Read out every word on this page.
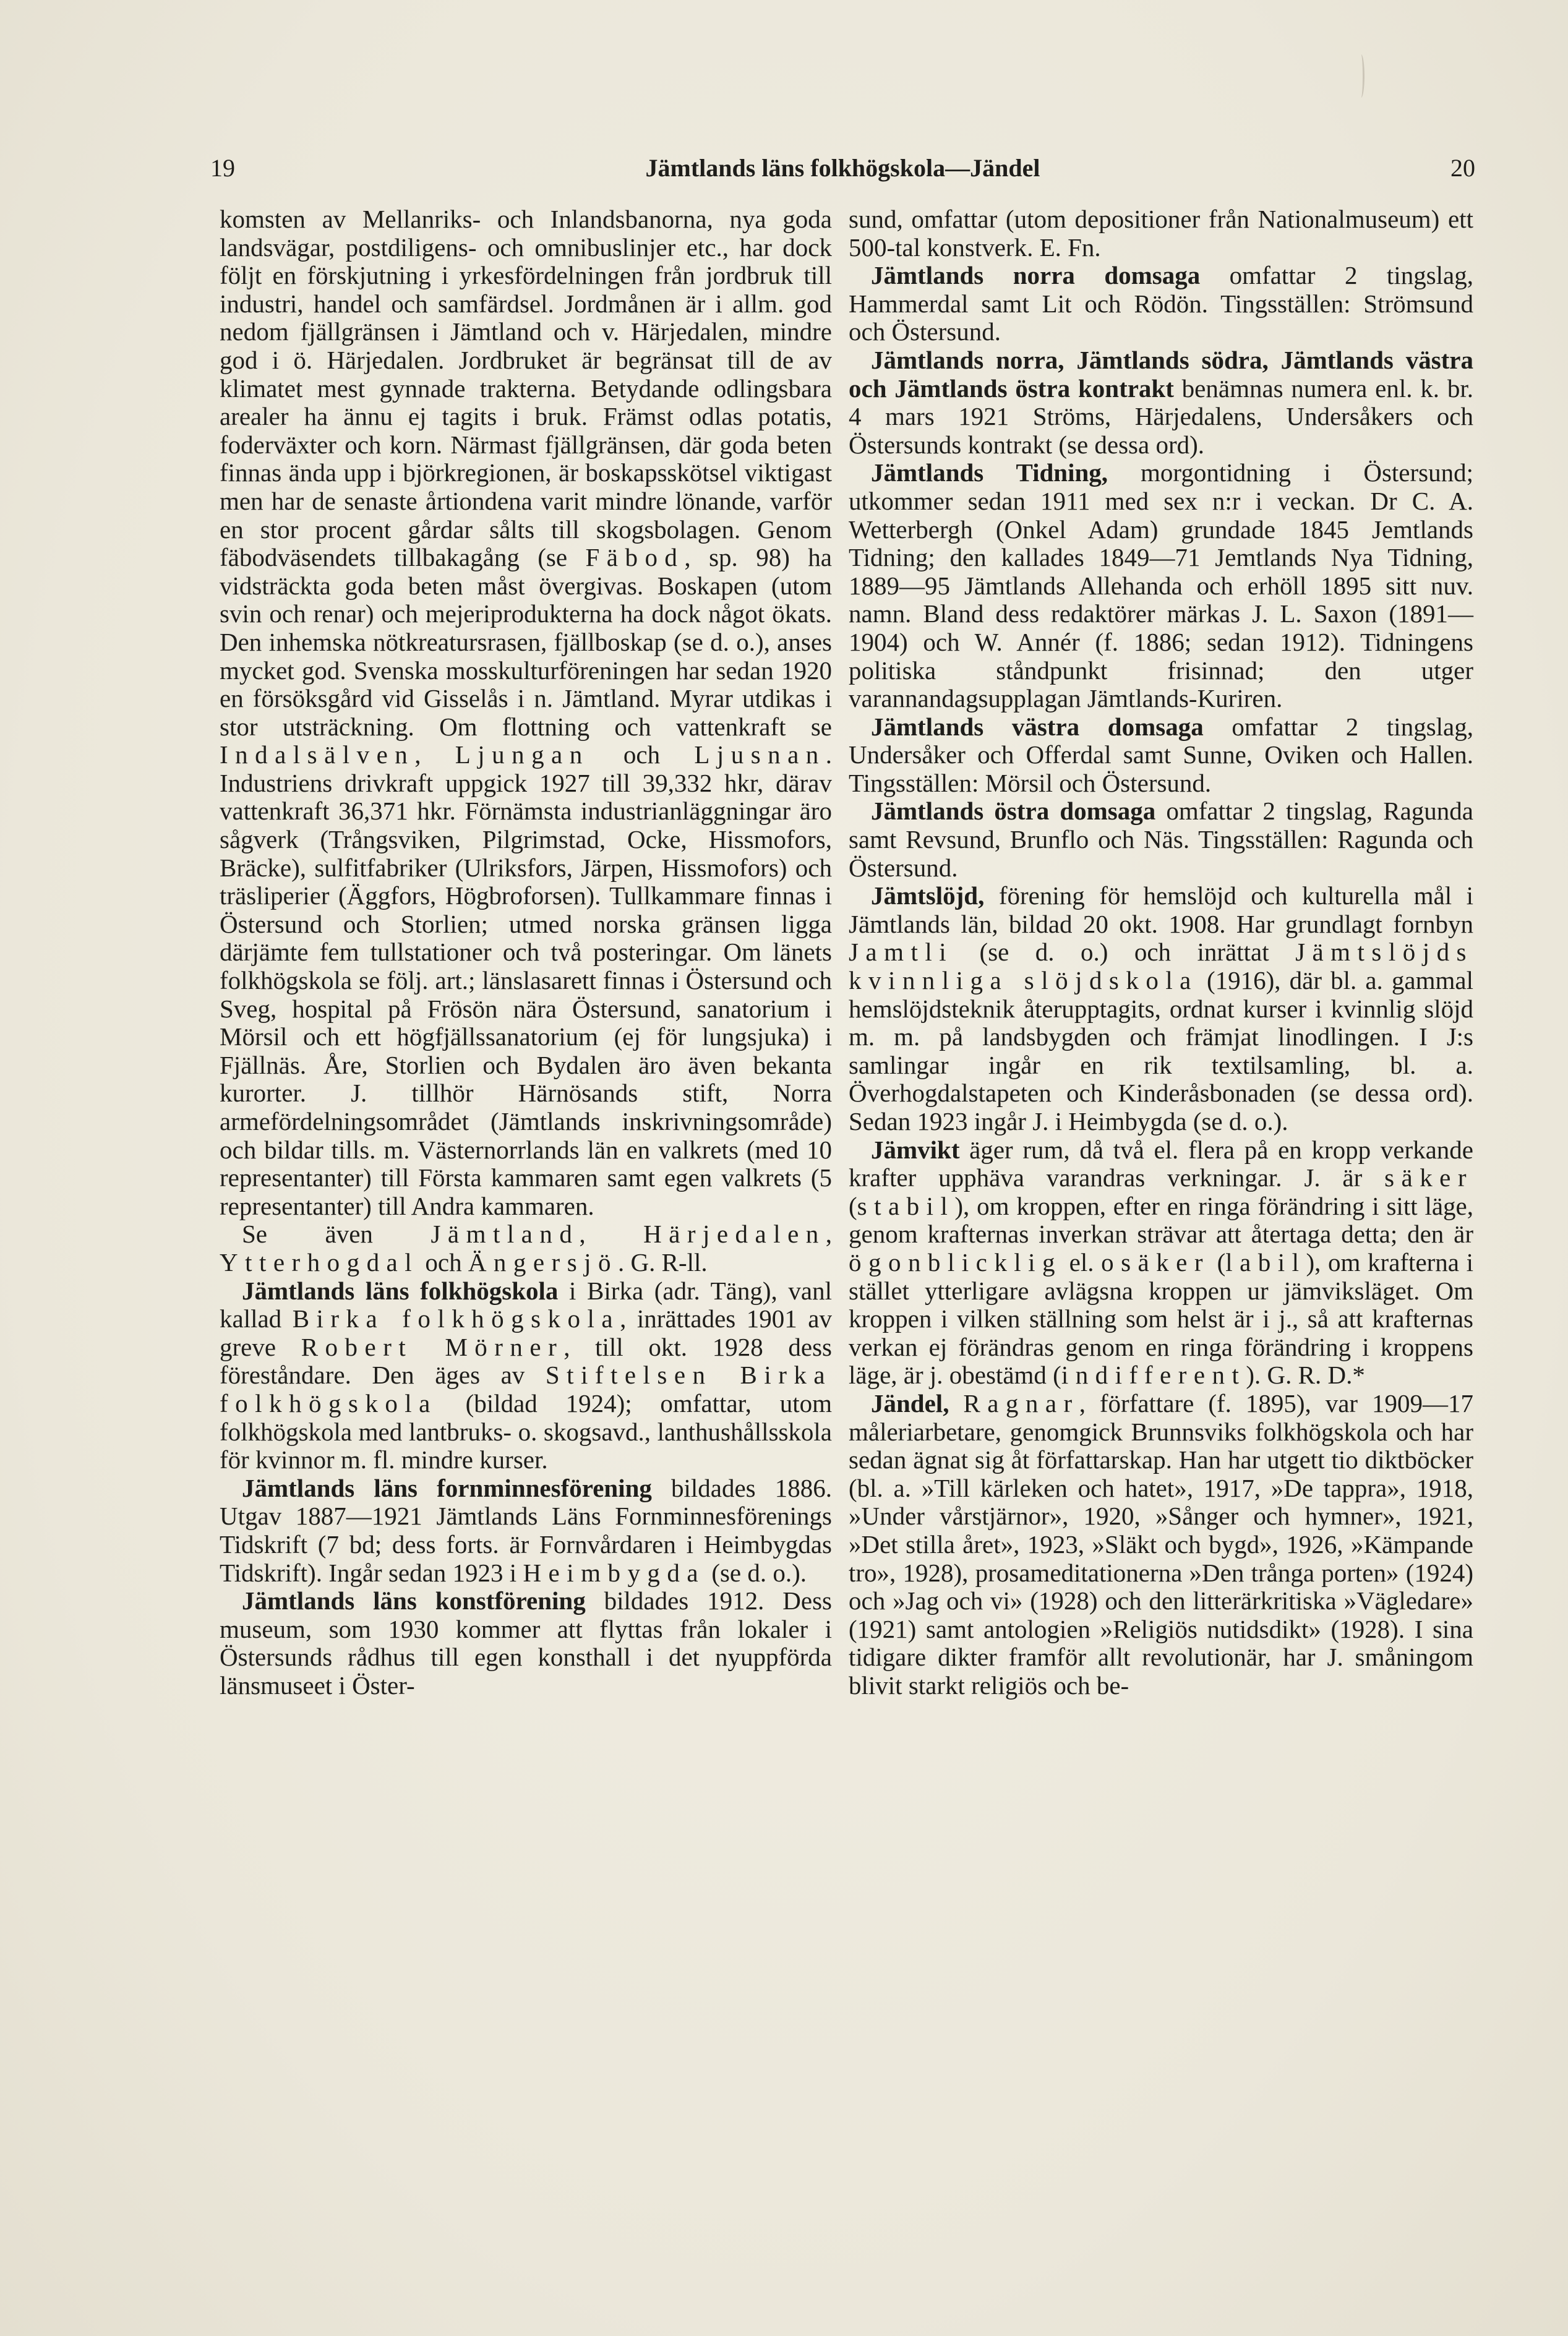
19	Jämtlands läns folkhögskola—Jändel	20

komsten av Mellanriks- och Inlandsbanorna, nya goda landsvägar, postdiligens- och omnibuslinjer etc., har dock följt en förskjutning i yrkesfördelningen från jordbruk till industri, handel och samfärdsel. Jordmånen är i allm. god nedom fjällgränsen i Jämtland och v. Härjedalen, mindre god i ö. Härjedalen. Jordbruket är begränsat till de av klimatet mest gynnade trakterna. Betydande odlingsbara arealer ha ännu ej tagits i bruk. Främst odlas potatis, foderväxter och korn. Närmast fjällgränsen, där goda beten finnas ända upp i björkregionen, är boskapsskötsel viktigast men har de senaste årtiondena varit mindre lönande, varför en stor procent gårdar sålts till skogsbolagen. Genom fäbodväsendets tillbakagång (se Fäbod, sp. 98) ha vidsträckta goda beten måst övergivas. Boskapen (utom svin och renar) och mejeriprodukterna ha dock något ökats. Den inhemska nötkreatursrasen, fjällboskap (se d. o.), anses mycket god. Svenska mosskulturföreningen har sedan 1920 en försöksgård vid Gisselås i n. Jämtland. Myrar utdikas i stor utsträckning. Om flottning och vattenkraft se Indalsälven, Ljungan och Ljusnan. Industriens drivkraft uppgick 1927 till 39,332 hkr, därav vattenkraft 36,371 hkr. Förnämsta industrianläggningar äro sågverk (Trångsviken, Pilgrimstad, Ocke, Hissmofors, Bräcke), sulfitfabriker (Ulriksfors, Järpen, Hissmofors) och träsliperier (Äggfors, Högbroforsen). Tullkammare finnas i Östersund och Storlien; utmed norska gränsen ligga därjämte fem tullstationer och två posteringar. Om länets folkhögskola se följ. art.; länslasarett finnas i Östersund och Sveg, hospital på Frösön nära Östersund, sanatorium i Mörsil och ett högfjällssanatorium (ej för lungsjuka) i Fjällnäs. Åre, Storlien och Bydalen äro även bekanta kurorter. J. tillhör Härnösands stift, Norra armefördelningsområdet (Jämtlands inskrivningsområde) och bildar tills. m. Västernorrlands län en valkrets (med 10 representanter) till Första kammaren samt egen valkrets (5 representanter) till Andra kammaren.

Se även Jämtland, Härjedalen, Ytterhogdal och Ängersjö. G. R-ll.

Jämtlands läns folkhögskola i Birka (adr. Täng), vanl kallad Birka folkhögskola, inrättades 1901 av greve Robert Mörner, till okt. 1928 dess föreståndare. Den äges av Stiftelsen Birka folkhögskola (bildad 1924); omfattar, utom folkhögskola med lantbruks- o. skogsavd., lanthushållsskola för kvinnor m. fl. mindre kurser.

Jämtlands läns fornminnesförening bildades 1886. Utgav 1887—1921 Jämtlands Läns Fornminnesförenings Tidskrift (7 bd; dess forts. är Fornvårdaren i Heimbygdas Tidskrift). Ingår sedan 1923 i Heimbygda (se d. o.).

Jämtlands läns konstförening bildades 1912. Dess museum, som 1930 kommer att flyttas från lokaler i Östersunds rådhus till egen konsthall i det nyuppförda länsmuseet i Öster-

sund, omfattar (utom depositioner från Nationalmuseum) ett 500-tal konstverk. E. Fn.

Jämtlands norra domsaga omfattar 2 tingslag, Hammerdal samt Lit och Rödön. Tingsställen: Strömsund och Östersund.

Jämtlands norra, Jämtlands södra, Jämtlands västra och Jämtlands östra kontrakt benämnas numera enl. k. br. 4 mars 1921 Ströms, Härjedalens, Undersåkers och Östersunds kontrakt (se dessa ord).

Jämtlands Tidning, morgontidning i Östersund; utkommer sedan 1911 med sex n:r i veckan. Dr C. A. Wetterbergh (Onkel Adam) grundade 1845 Jemtlands Tidning; den kallades 1849—71 Jemtlands Nya Tidning, 1889—95 Jämtlands Allehanda och erhöll 1895 sitt nuv. namn. Bland dess redaktörer märkas J. L. Saxon (1891—1904) och W. Annér (f. 1886; sedan 1912). Tidningens politiska ståndpunkt frisinnad; den utger varannandagsupplagan Jämtlands-Kuriren.

Jämtlands västra domsaga omfattar 2 tingslag, Undersåker och Offerdal samt Sunne, Oviken och Hallen. Tingsställen: Mörsil och Östersund.

Jämtlands östra domsaga omfattar 2 tingslag, Ragunda samt Revsund, Brunflo och Näs. Tingsställen: Ragunda och Östersund.

Jämtslöjd, förening för hemslöjd och kulturella mål i Jämtlands län, bildad 20 okt. 1908. Har grundlagt fornbyn Jamtli (se d. o.) och inrättat Jämtslöjds kvinnliga slöjdskola (1916), där bl. a. gammal hemslöjdsteknik återupptagits, ordnat kurser i kvinnlig slöjd m. m. på landsbygden och främjat linodlingen. I J:s samlingar ingår en rik textilsamling, bl. a. Överhogdalstapeten och Kinderåsbonaden (se dessa ord). Sedan 1923 ingår J. i Heimbygda (se d. o.).

Jämvikt äger rum, då två el. flera på en kropp verkande krafter upphäva varandras verkningar. J. är säker (stabil), om kroppen, efter en ringa förändring i sitt läge, genom krafternas inverkan strävar att återtaga detta; den är ögonblicklig el. osäker (labil), om krafterna i stället ytterligare avlägsna kroppen ur jämviksläget. Om kroppen i vilken ställning som helst är i j., så att krafternas verkan ej förändras genom en ringa förändring i kroppens läge, är j. obestämd (indifferent). G. R. D.*

Jändel, Ragnar, författare (f. 1895), var 1909—17 måleriarbetare, genomgick Brunnsviks folkhögskola och har sedan ägnat sig åt författarskap. Han har utgett tio diktböcker (bl. a. »Till kärleken och hatet», 1917, »De tappra», 1918, »Under vårstjärnor», 1920, »Sånger och hymner», 1921, »Det stilla året», 1923, »Släkt och bygd», 1926, »Kämpande tro», 1928), prosameditationerna »Den trånga porten» (1924) och »Jag och vi» (1928) och den litterärkritiska »Vägledare» (1921) samt antologien »Religiös nutidsdikt» (1928). I sina tidigare dikter framför allt revolutionär, har J. småningom blivit starkt religiös och be-
